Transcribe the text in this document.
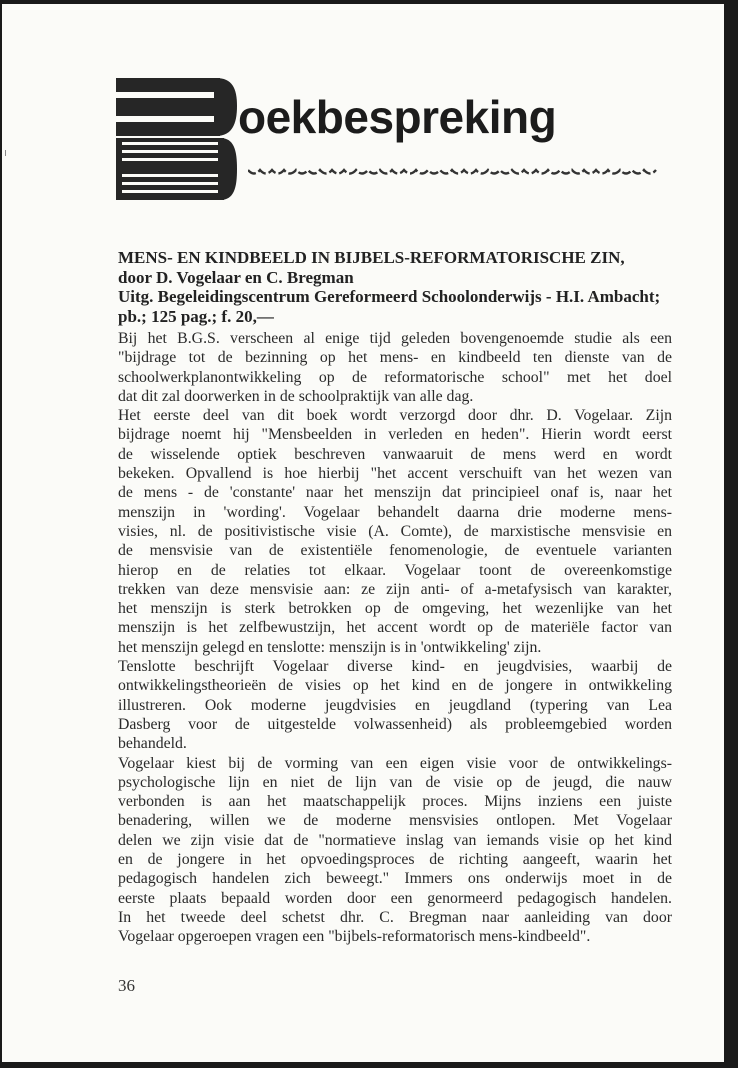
oekbespreking
MENS- EN KINDBEELD IN BIJBELS-REFORMATORISCHE ZIN,
door D. Vogelaar en C. Bregman
Uitg. Begeleidingscentrum Gereformeerd Schoolonderwijs - H.I. Ambacht;
pb.; 125 pag.; f. 20,—
Bij het B.G.S. verscheen al enige tijd geleden bovengenoemde studie als een
"bijdrage tot de bezinning op het mens- en kindbeeld ten dienste van de
schoolwerkplanontwikkeling op de reformatorische school" met het doel
dat dit zal doorwerken in de schoolpraktijk van alle dag.
Het eerste deel van dit boek wordt verzorgd door dhr. D. Vogelaar. Zijn
bijdrage noemt hij "Mensbeelden in verleden en heden". Hierin wordt eerst
de wisselende optiek beschreven vanwaaruit de mens werd en wordt
bekeken. Opvallend is hoe hierbij "het accent verschuift van het wezen van
de mens - de 'constante' naar het menszijn dat principieel onaf is, naar het
menszijn in 'wording'. Vogelaar behandelt daarna drie moderne mens-
visies, nl. de positivistische visie (A. Comte), de marxistische mensvisie en
de mensvisie van de existentiële fenomenologie, de eventuele varianten
hierop en de relaties tot elkaar. Vogelaar toont de overeenkomstige
trekken van deze mensvisie aan: ze zijn anti- of a-metafysisch van karakter,
het menszijn is sterk betrokken op de omgeving, het wezenlijke van het
menszijn is het zelfbewustzijn, het accent wordt op de materiële factor van
het menszijn gelegd en tenslotte: menszijn is in 'ontwikkeling' zijn.
Tenslotte beschrijft Vogelaar diverse kind- en jeugdvisies, waarbij de
ontwikkelingstheorieën de visies op het kind en de jongere in ontwikkeling
illustreren. Ook moderne jeugdvisies en jeugdland (typering van Lea
Dasberg voor de uitgestelde volwassenheid) als probleemgebied worden
behandeld.
Vogelaar kiest bij de vorming van een eigen visie voor de ontwikkelings-
psychologische lijn en niet de lijn van de visie op de jeugd, die nauw
verbonden is aan het maatschappelijk proces. Mijns inziens een juiste
benadering, willen we de moderne mensvisies ontlopen. Met Vogelaar
delen we zijn visie dat de "normatieve inslag van iemands visie op het kind
en de jongere in het opvoedingsproces de richting aangeeft, waarin het
pedagogisch handelen zich beweegt." Immers ons onderwijs moet in de
eerste plaats bepaald worden door een genormeerd pedagogisch handelen.
In het tweede deel schetst dhr. C. Bregman naar aanleiding van door
Vogelaar opgeroepen vragen een "bijbels-reformatorisch mens-kindbeeld".
36
